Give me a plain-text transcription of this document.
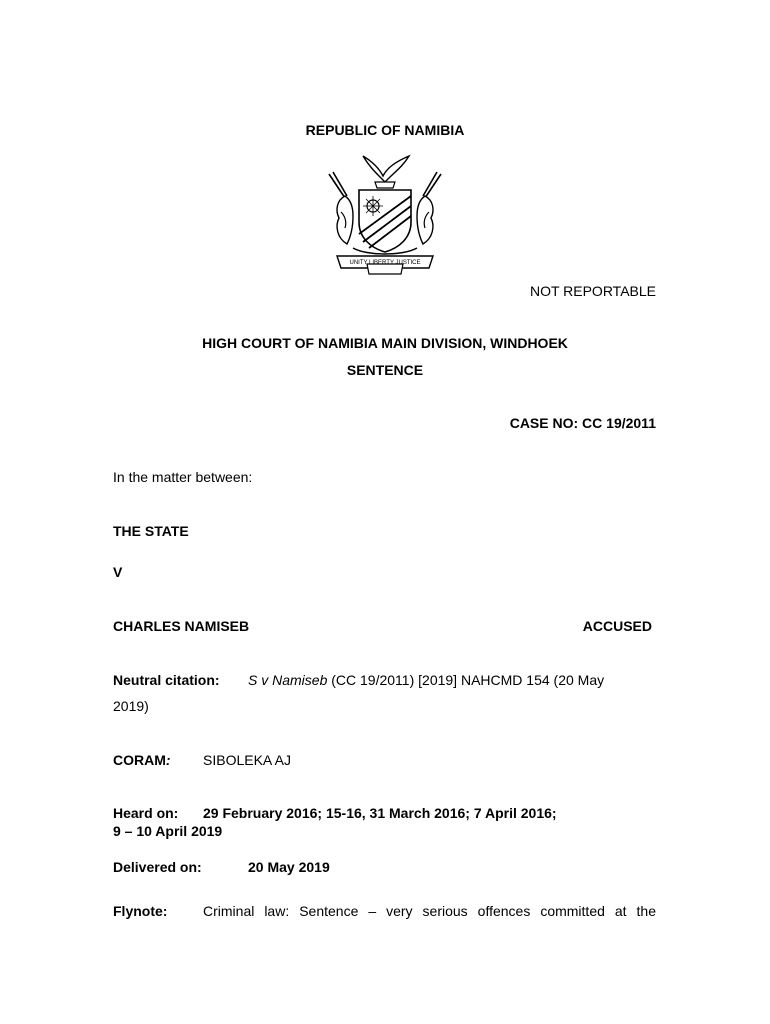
REPUBLIC OF NAMIBIA
UNITY LIBERTY JUSTICE
NOT REPORTABLE
HIGH COURT OF NAMIBIA MAIN DIVISION, WINDHOEK
SENTENCE
CASE NO: CC 19/2011
In the matter between:
THE STATE
V
CHARLES NAMISEB	ACCUSED
Neutral citation: S v Namiseb (CC 19/2011) [2019] NAHCMD 154 (20 May
2019)
CORAM: SIBOLEKA AJ
Heard on: 29 February 2016; 15-16, 31 March 2016; 7 April 2016;
9 – 10 April 2019
Delivered on:	20 May 2019
Flynote:	Criminal law: Sentence – very serious offences committed at the
